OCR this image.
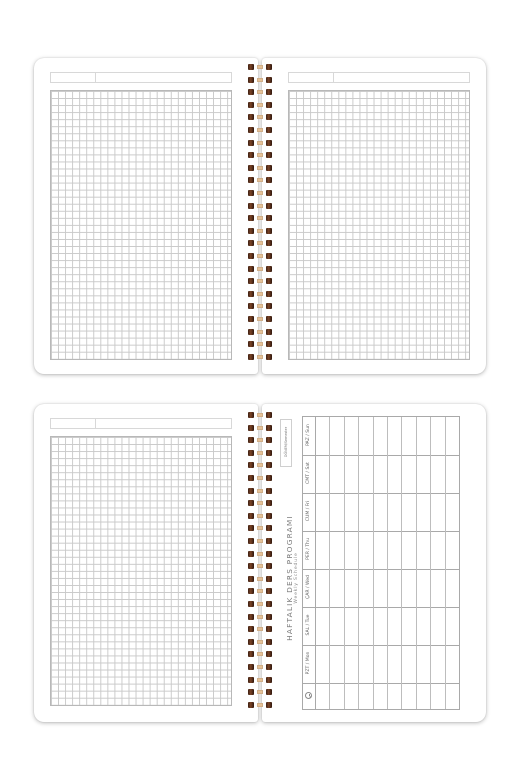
DÖNEM/Semester
HAFTALIK DERS PROGRAMI Weekly Schedule
PAZ / Sun
CMT / Sat
CUM / Fri
PER / Thu
ÇAR / Wed
SAL / Tue
PZT / Mon
